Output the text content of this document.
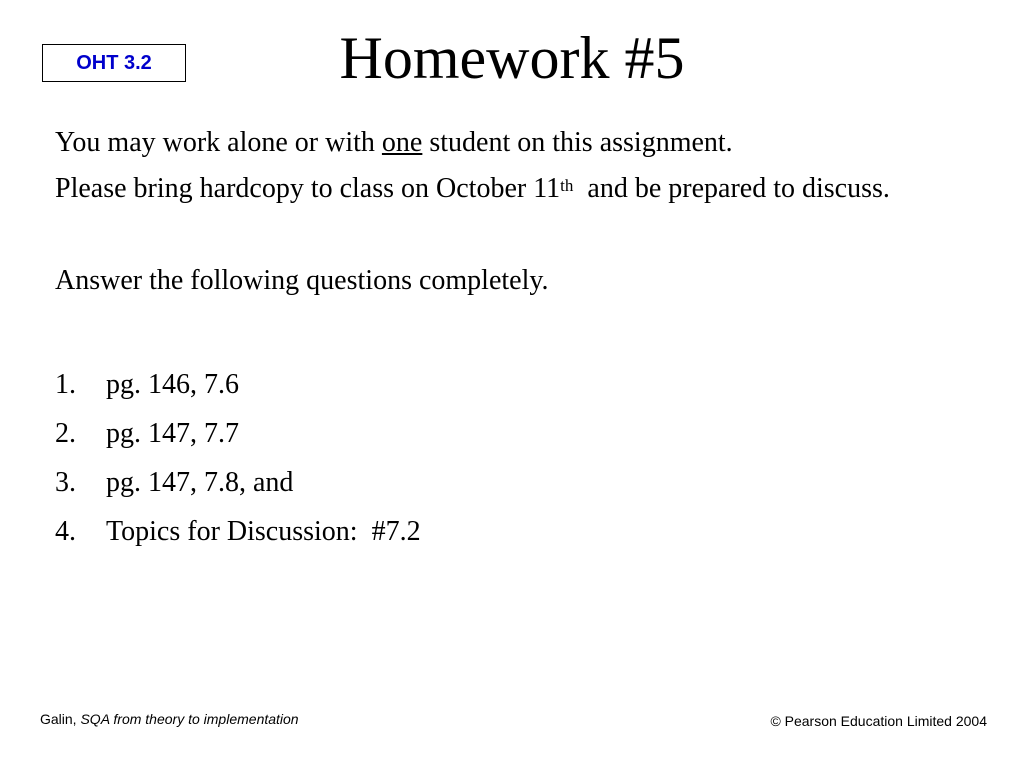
OHT 3.2	Homework #5

You may work alone or with one student on this assignment.

Please bring hardcopy to class on October 11th  and be prepared to discuss.

Answer the following questions completely.

1.	pg. 146, 7.6
2.	pg. 147, 7.7
3.	pg. 147, 7.8, and
4.	Topics for Discussion:  #7.2
Galin, SQA from theory to implementation	© Pearson Education Limited 2004
